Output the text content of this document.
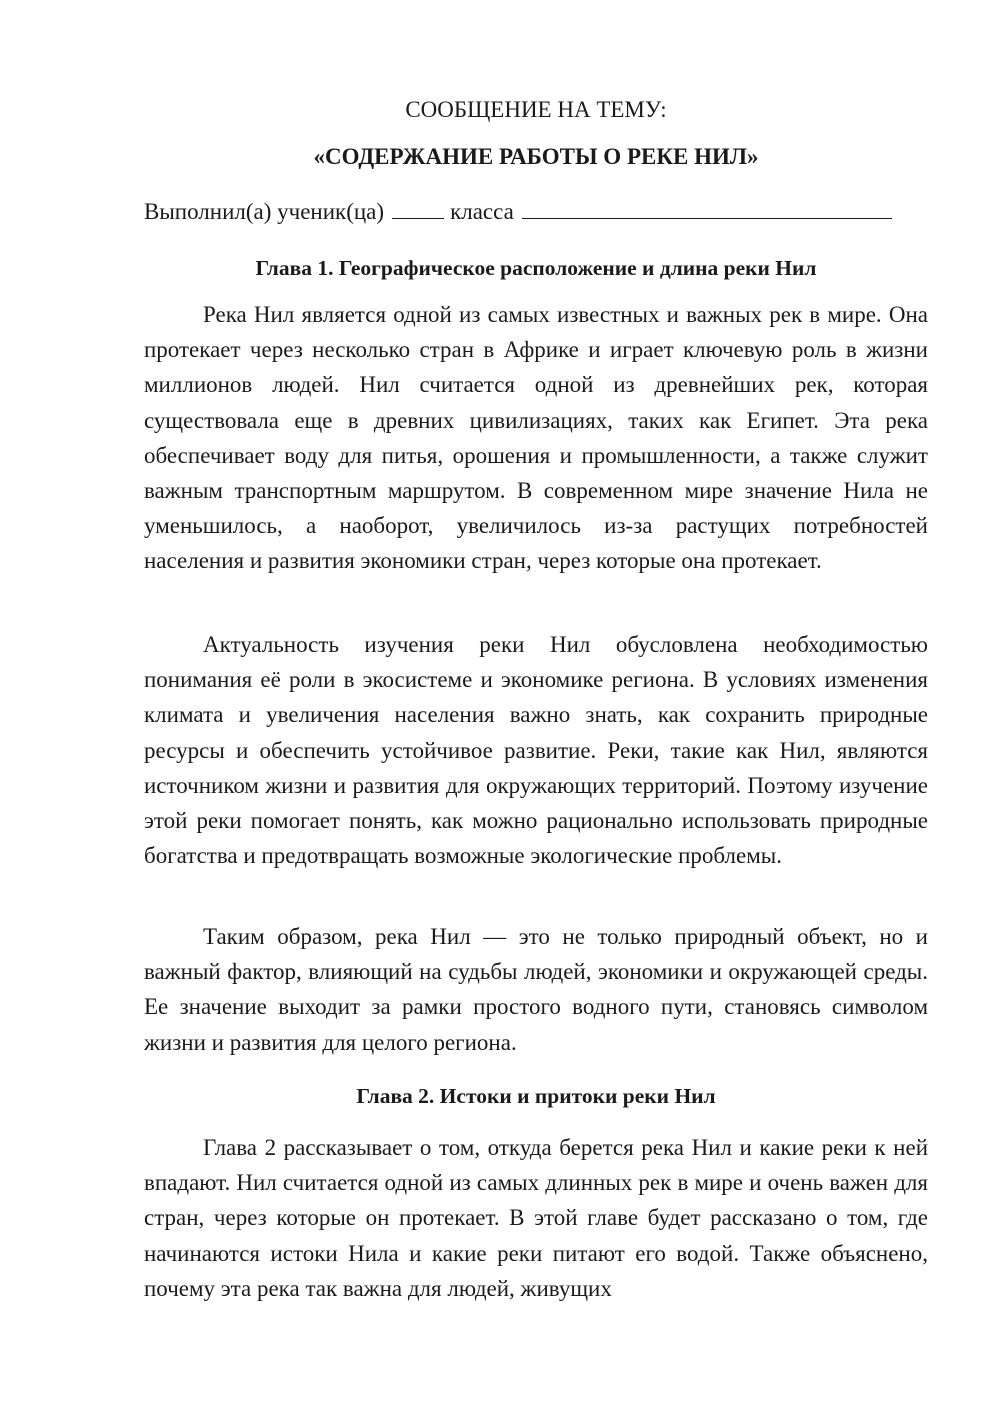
СООБЩЕНИЕ НА ТЕМУ:
«СОДЕРЖАНИЕ РАБОТЫ О РЕКЕ НИЛ»
Выполнил(а) ученик(ца)	класса
Глава 1. Географическое расположение и длина реки Нил

Река Нил является одной из самых известных и важных рек в мире. Она протекает через несколько стран в Африке и играет ключевую роль в жизни миллионов людей. Нил считается одной из древнейших рек, которая существовала еще в древних цивилизациях, таких как Египет. Эта река обеспечивает воду для питья, орошения и промышленности, а также служит важным транспортным маршрутом. В современном мире значение Нила не уменьшилось, а наоборот, увеличилось из-за растущих потребностей населения и развития экономики стран, через которые она протекает.

Актуальность изучения реки Нил обусловлена необходимостью понимания её роли в экосистеме и экономике региона. В условиях изменения климата и увеличения населения важно знать, как сохранить природные ресурсы и обеспечить устойчивое развитие. Реки, такие как Нил, являются источником жизни и развития для окружающих территорий. Поэтому изучение этой реки помогает понять, как можно рационально использовать природные богатства и предотвращать возможные экологические проблемы.

Таким образом, река Нил — это не только природный объект, но и важный фактор, влияющий на судьбы людей, экономики и окружающей среды. Ее значение выходит за рамки простого водного пути, становясь символом жизни и развития для целого региона.

Глава 2. Истоки и притоки реки Нил

Глава 2 рассказывает о том, откуда берется река Нил и какие реки к ней впадают. Нил считается одной из самых длинных рек в мире и очень важен для стран, через которые он протекает. В этой главе будет рассказано о том, где начинаются истоки Нила и какие реки питают его водой. Также объяснено, почему эта река так важна для людей, живущих
